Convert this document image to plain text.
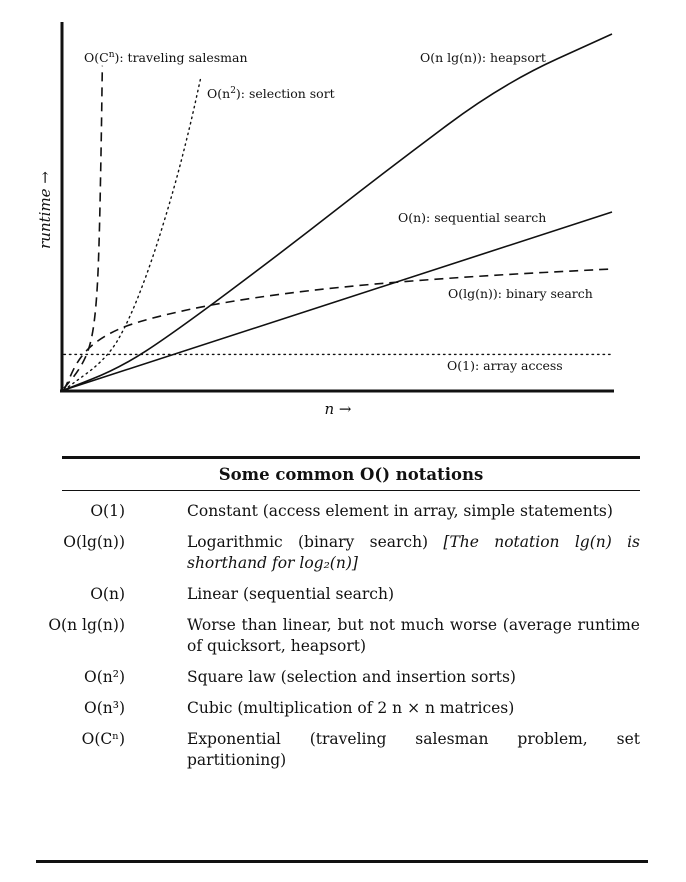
n →
runtime →
$O(C^n)$: traveling salesman
$O(n^2)$: selection sort
O(n lg(n)): heapsort
O(n): sequential search
O(lg(n)): binary search
O(1): array access
Some common O() notations
O(1)	Constant (access element in array, simple statements)
O(lg(n))	Logarithmic (binary search) [The notation lg(n) is shorthand for log₂(n)]
O(n)	Linear (sequential search)
O(n lg(n))	Worse than linear, but not much worse (average runtime of quicksort, heapsort)
O(n²)	Square law (selection and insertion sorts)
O(n³)	Cubic (multiplication of 2 n × n matrices)
O(Cⁿ)	Exponential (traveling salesman problem, set partitioning)
